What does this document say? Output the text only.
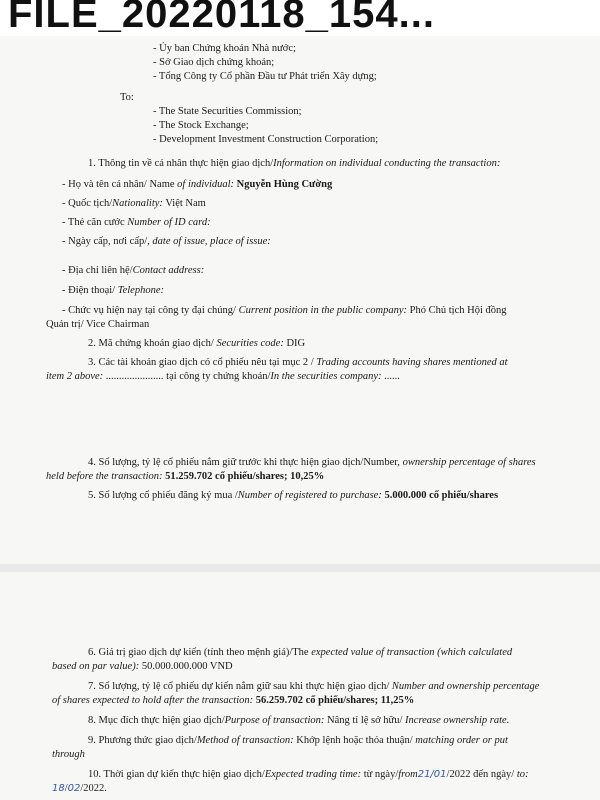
FILE_20220118_154...
- Ủy ban Chứng khoán Nhà nước;
- Sở Giao dịch chứng khoán;
- Tổng Công ty Cổ phần Đầu tư Phát triển Xây dựng;
To:
- The State Securities Commission;
- The Stock Exchange;
- Development Investment Construction Corporation;
1. Thông tin về cá nhân thực hiện giao dịch/Information on individual conducting the transaction:
- Họ và tên cá nhân/ Name of individual: Nguyễn Hùng Cường
- Quốc tịch/Nationality: Việt Nam
- Thẻ căn cước Number of ID card:
- Ngày cấp, nơi cấp/, date of issue, place of issue:
- Địa chỉ liên hệ/Contact address:
- Điện thoại/ Telephone:
- Chức vụ hiện nay tại công ty đại chúng/ Current position in the public company: Phó Chủ tịch Hội đồng
Quản trị/ Vice Chairman
2. Mã chứng khoán giao dịch/ Securities code: DIG
3. Các tài khoản giao dịch có cổ phiếu nêu tại mục 2 / Trading accounts having shares mentioned at
item 2 above: ...................... tại công ty chứng khoán/In the securities company: ......
4. Số lượng, tỷ lệ cổ phiếu nắm giữ trước khi thực hiện giao dịch/Number, ownership percentage of shares
held before the transaction: 51.259.702 cổ phiếu/shares; 10,25%
5. Số lượng cổ phiếu đăng ký mua /Number of registered to purchase: 5.000.000 cổ phiếu/shares
6. Giá trị giao dịch dự kiến (tính theo mệnh giá)/The expected value of transaction (which calculated
based on par value): 50.000.000.000 VND
7. Số lượng, tỷ lệ cổ phiếu dự kiến nắm giữ sau khi thực hiện giao dịch/ Number and ownership percentage
of shares expected to hold after the transaction: 56.259.702 cổ phiếu/shares; 11,25%
8. Mục đích thực hiện giao dịch/Purpose of transaction: Nâng tỉ lệ sở hữu/ Increase ownership rate.
9. Phương thức giao dịch/Method of transaction: Khớp lệnh hoặc thỏa thuận/ matching order or put
through
10. Thời gian dự kiến thực hiện giao dịch/Expected trading time: từ ngày/from21/01/2022 đến ngày/ to:
18/02/2022.
